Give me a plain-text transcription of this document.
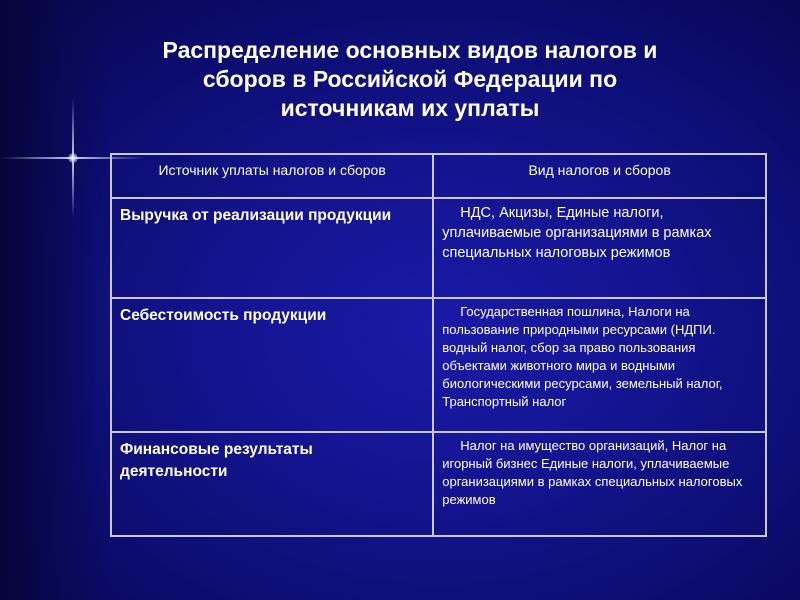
Распределение основных видов налогов и
сборов в Российской Федерации по
источникам их уплаты
Источник уплаты налогов и сборов	Вид налогов и сборов
Выручка от реализации продукции	НДС, Акцизы, Единые налоги, уплачиваемые организациями в рамках специальных налоговых режимов
Себестоимость продукции	Государственная пошлина, Налоги на пользование природными ресурсами (НДПИ. водный налог, сбор за право пользования объектами животного мира и водными биологическими ресурсами, земельный налог, Транспортный налог
Финансовые результаты деятельности	Налог на имущество организаций, Налог на игорный бизнес Единые налоги, уплачиваемые организациями в рамках специальных налоговых режимов
